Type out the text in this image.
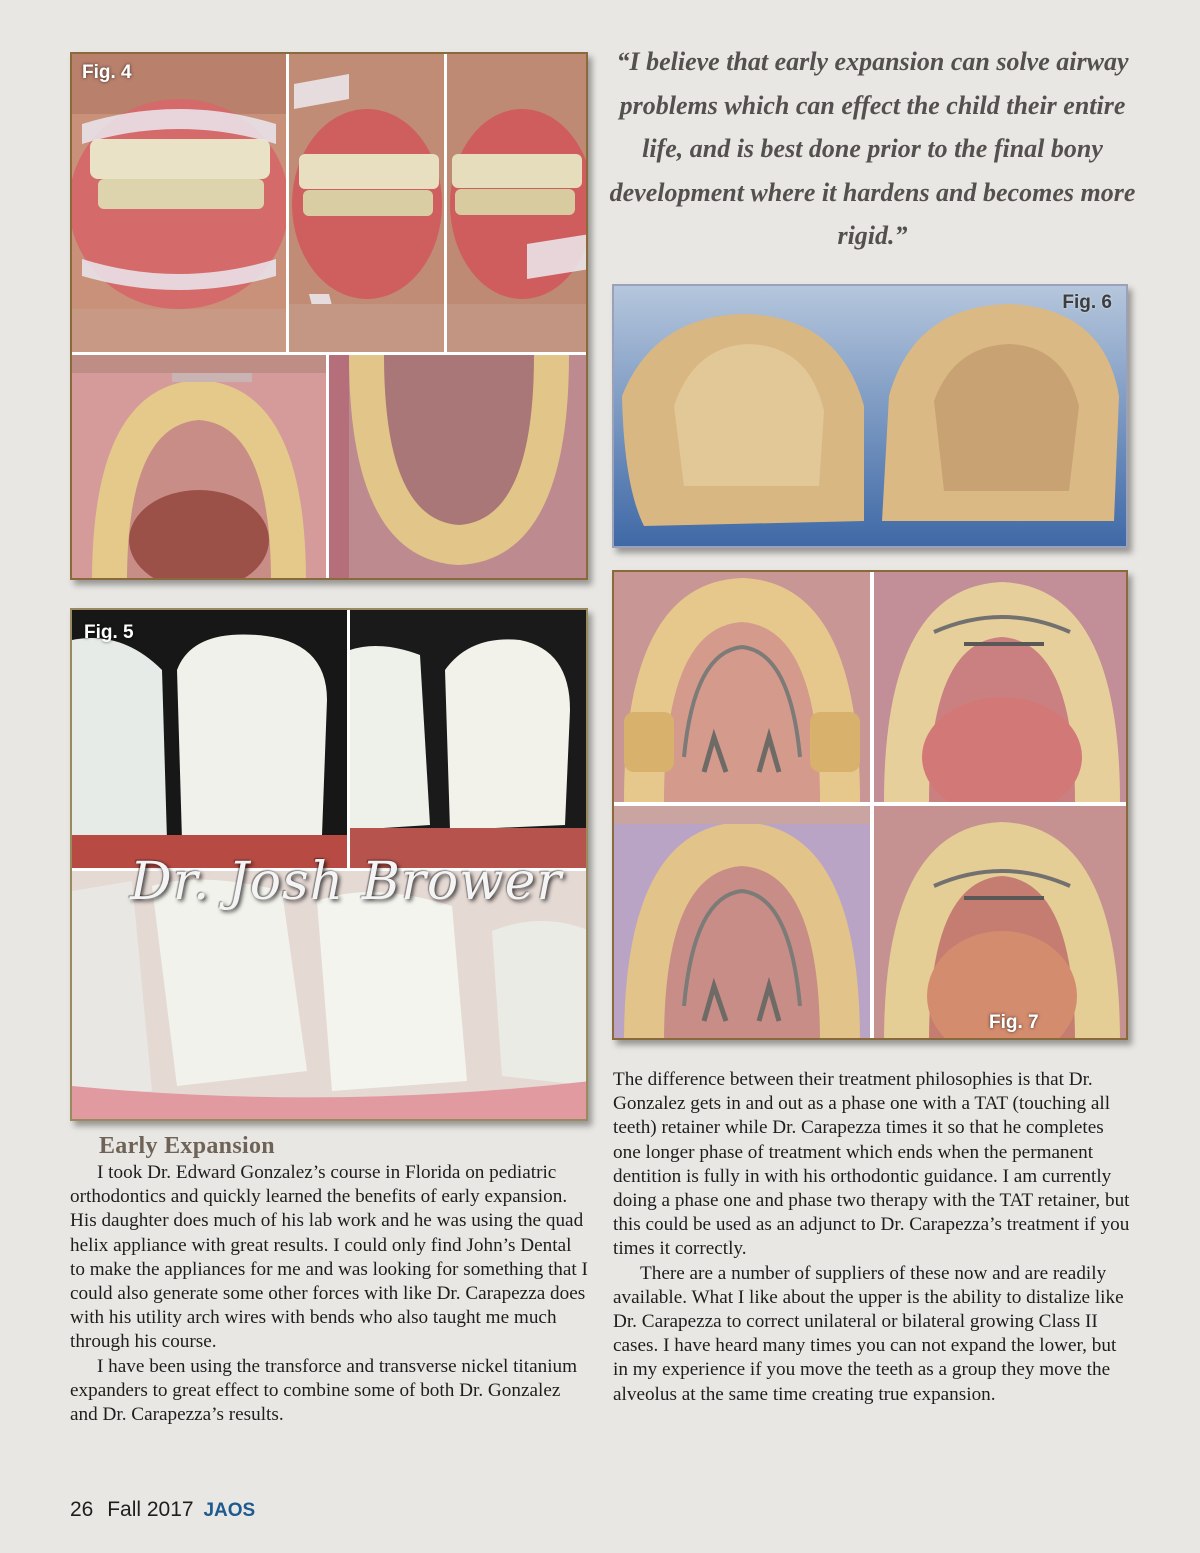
Fig. 4	“I believe that early expansion can solve airway problems which can effect the child their entire life, and is best done prior to the final bony development where it hardens and becomes more rigid.”
Fig. 6
Fig. 7
Fig. 5
Dr. Josh Brower
Early Expansion

I took Dr. Edward Gonzalez’s course in Florida on pediatric orthodontics and quickly learned the benefits of early expansion. His daughter does much of his lab work and he was using the quad helix appliance with great results. I could only find John’s Dental to make the appliances for me and was looking for something that I could also generate some other forces with like Dr. Carapezza does with his utility arch wires with bends who also taught me much through his course.

I have been using the transforce and transverse nickel titanium expanders to great effect to combine some of both Dr. Gonzalez and Dr. Carapezza’s results.

The difference between their treatment philosophies is that Dr. Gonzalez gets in and out as a phase one with a TAT (touching all teeth) retainer while Dr. Carapezza times it so that he completes one longer phase of treatment which ends when the permanent dentition is fully in with his orthodontic guidance. I am currently doing a phase one and phase two therapy with the TAT retainer, but this could be used as an adjunct to Dr. Carapezza’s treatment if you times it correctly.

There are a number of suppliers of these now and are readily available. What I like about the upper is the ability to distalize like Dr. Carapezza to correct unilateral or bilateral growing Class II cases. I have heard many times you can not expand the lower, but in my experience if you move the teeth as a group they move the alveolus at the same time creating true expansion.

26 Fall 2017 JAOS
